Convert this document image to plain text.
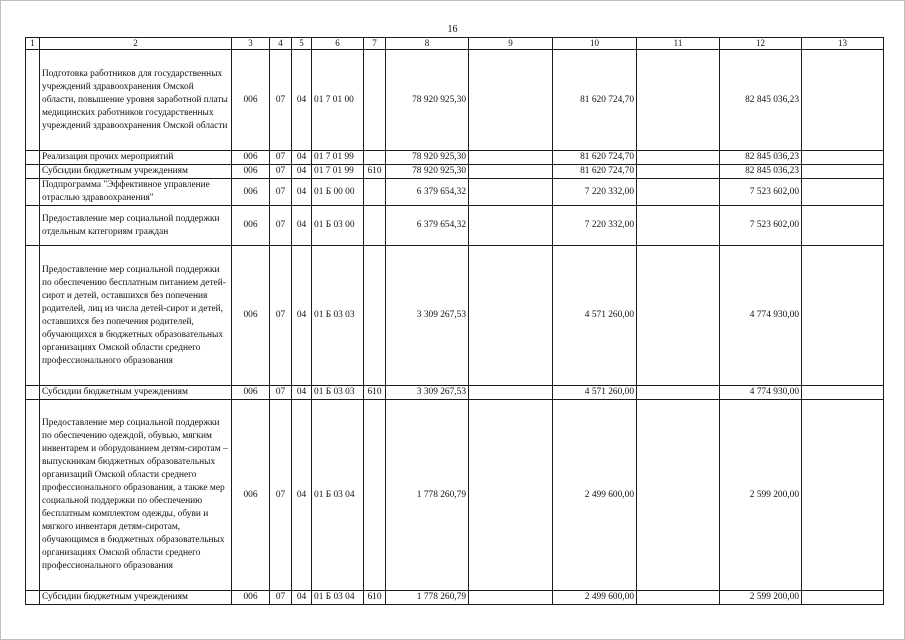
16
1	2	3	4	5	6	7	8	9	10	11	12	13
	Подготовка работников для государственных учреждений здравоохранения Омской области, повышение уровня заработной платы медицинских работников государственных учреждений здравоохранения Омской области	006	07	04	01 7 01 00		78 920 925,30		81 620 724,70		82 845 036,23	
	Реализация прочих мероприятий	006	07	04	01 7 01 99		78 920 925,30		81 620 724,70		82 845 036,23	
	Субсидии бюджетным учреждениям	006	07	04	01 7 01 99	610	78 920 925,30		81 620 724,70		82 845 036,23	
	Подпрограмма "Эффективное управление отраслью здравоохранения"	006	07	04	01 Б 00 00		6 379 654,32		7 220 332,00		7 523 602,00	
	Предоставление мер социальной поддержки отдельным категориям граждан	006	07	04	01 Б 03 00		6 379 654,32		7 220 332,00		7 523 602,00	
	Предоставление мер социальной поддержки по обеспечению бесплатным питанием детей-сирот и детей, оставшихся без попечения родителей, лиц из числа детей-сирот и детей, оставшихся без попечения родителей, обучающихся в бюджетных образовательных организациях Омской области среднего профессионального образования	006	07	04	01 Б 03 03		3 309 267,53		4 571 260,00		4 774 930,00	
	Субсидии бюджетным учреждениям	006	07	04	01 Б 03 03	610	3 309 267,53		4 571 260,00		4 774 930,00	
	Предоставление мер социальной поддержки по обеспечению одеждой, обувью, мягким инвентарем и оборудованием детям-сиротам – выпускникам бюджетных образовательных организаций Омской области среднего профессионального образования, а также мер социальной поддержки по обеспечению бесплатным комплектом одежды, обуви и мягкого инвентаря детям-сиротам, обучающимся в бюджетных образовательных организациях Омской области среднего профессионального образования	006	07	04	01 Б 03 04		1 778 260,79		2 499 600,00		2 599 200,00	
	Субсидии бюджетным учреждениям	006	07	04	01 Б 03 04	610	1 778 260,79		2 499 600,00		2 599 200,00	
